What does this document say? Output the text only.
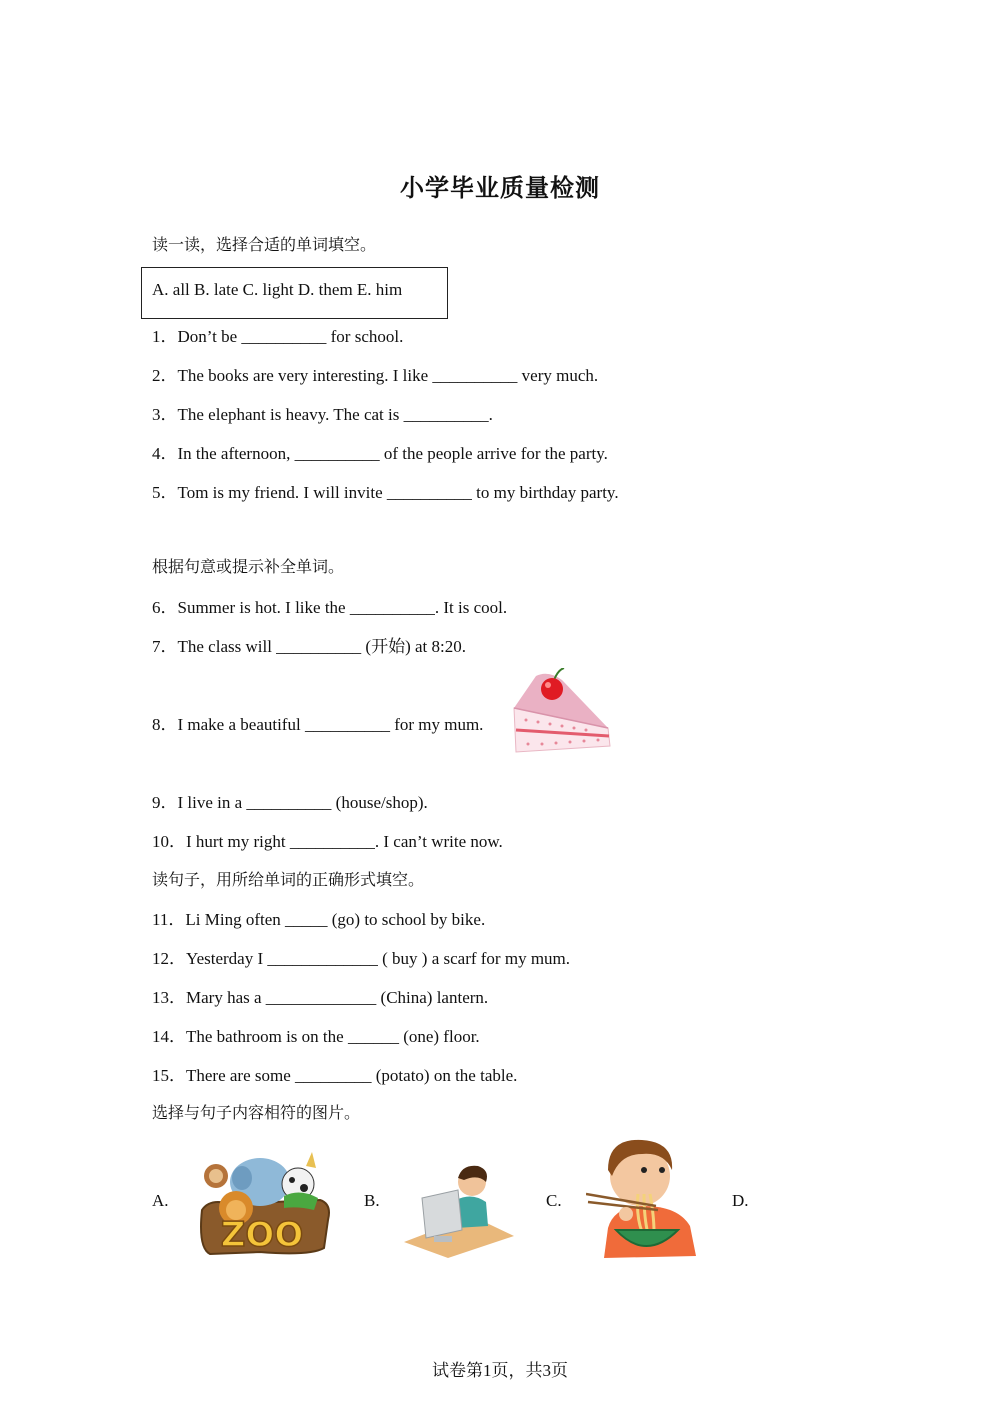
小学毕业质量检测
读一读，选择合适的单词填空。
A. all B. late C. light D. them E. him
1．Don’t be __________ for school.
2．The books are very interesting. I like __________ very much.
3．The elephant is heavy. The cat is __________.
4．In the afternoon, __________ of the people arrive for the party.
5．Tom is my friend. I will invite __________ to my birthday party.
根据句意或提示补全单词。
6．Summer is hot. I like the __________. It is cool.
7．The class will __________ (开始) at 8:20.
8．I make a beautiful __________ for my mum.
9．I live in a __________ (house/shop).
10．I hurt my right __________. I can’t write now.
读句子，用所给单词的正确形式填空。
11．Li Ming often _____ (go) to school by bike.
12．Yesterday I _____________ ( buy ) a scarf for my mum.
13．Mary has a _____________ (China) lantern.
14．The bathroom is on the ______ (one) floor.
15．There are some _________ (potato) on the table.
选择与句子内容相符的图片。
A.
ZOO
B.	C.	D.
试卷第1页，共3页
